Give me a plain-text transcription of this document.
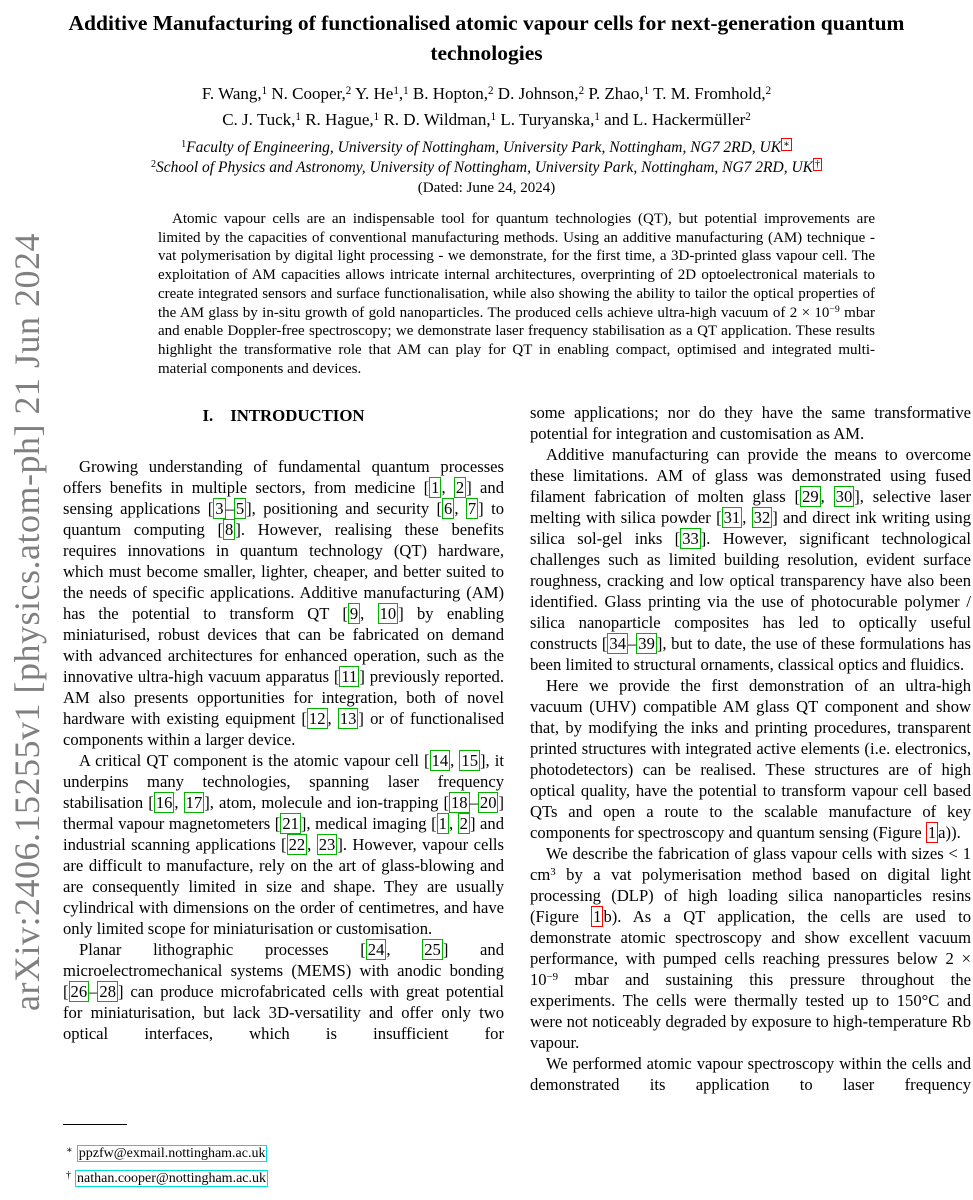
arXiv:2406.15255v1 [physics.atom-ph] 21 Jun 2024
Additive Manufacturing of functionalised atomic vapour cells for next-generation quantum technologies
F. Wang,$^1$ N. Cooper,$^2$ Y. He$^1$,$^1$ B. Hopton,$^2$ D. Johnson,$^2$ P. Zhao,$^1$ T. M. Fromhold,$^2$
C. J. Tuck,$^1$ R. Hague,$^1$ R. D. Wildman,$^1$ L. Turyanska,$^1$ and L. Hackermüller$^2$
$^1$Faculty of Engineering, University of Nottingham, University Park, Nottingham, NG7 2RD, UK ∗
$^2$School of Physics and Astronomy, University of Nottingham, University Park, Nottingham, NG7 2RD, UK †
(Dated: June 24, 2024)
Atomic vapour cells are an indispensable tool for quantum technologies (QT), but potential improvements are limited by the capacities of conventional manufacturing methods. Using an additive manufacturing (AM) technique - vat polymerisation by digital light processing - we demonstrate, for the first time, a 3D-printed glass vapour cell. The exploitation of AM capacities allows intricate internal architectures, overprinting of 2D optoelectronical materials to create integrated sensors and surface functionalisation, while also showing the ability to tailor the optical properties of the AM glass by in-situ growth of gold nanoparticles. The produced cells achieve ultra-high vacuum of $2 \times 10^{-9}$ mbar and enable Doppler-free spectroscopy; we demonstrate laser frequency stabilisation as a QT application. These results highlight the transformative role that AM can play for QT in enabling compact, optimised and integrated multi-material components and devices.
I. INTRODUCTION

Growing understanding of fundamental quantum processes offers benefits in multiple sectors, from medicine [ 1 , 2 ] and sensing applications [ 3 – 5 ], positioning and security [ 6 , 7 ] to quantum computing [ 8 ]. However, realising these benefits requires innovations in quantum technology (QT) hardware, which must become smaller, lighter, cheaper, and better suited to the needs of specific applications. Additive manufacturing (AM) has the potential to transform QT [ 9 , 10 ] by enabling miniaturised, robust devices that can be fabricated on demand with advanced architectures for enhanced operation, such as the innovative ultra-high vacuum apparatus [ 11 ] previously reported. AM also presents opportunities for integration, both of novel hardware with existing equipment [ 12 , 13 ] or of functionalised components within a larger device.

A critical QT component is the atomic vapour cell [ 14 , 15 ], it underpins many technologies, spanning laser frequency stabilisation [ 16 , 17 ], atom, molecule and ion-trapping [ 18 – 20 ] thermal vapour magnetometers [ 21 ], medical imaging [ 1 , 2 ] and industrial scanning applications [ 22 , 23 ]. However, vapour cells are difficult to manufacture, rely on the art of glass-blowing and are consequently limited in size and shape. They are usually cylindrical with dimensions on the order of centimetres, and have only limited scope for miniaturisation or customisation.

Planar lithographic processes [ 24 , 25 ] and microelectromechanical systems (MEMS) with anodic bonding [ 26 – 28 ] can produce microfabricated cells with great potential for miniaturisation, but lack 3D-versatility and offer only two optical interfaces, which is insufficient for

some applications; nor do they have the same transformative potential for integration and customisation as AM.

Additive manufacturing can provide the means to overcome these limitations. AM of glass was demonstrated using fused filament fabrication of molten glass [ 29 , 30 ], selective laser melting with silica powder [ 31 , 32 ] and direct ink writing using silica sol-gel inks [ 33 ]. However, significant technological challenges such as limited building resolution, evident surface roughness, cracking and low optical transparency have also been identified. Glass printing via the use of photocurable polymer / silica nanoparticle composites has led to optically useful constructs [ 34 – 39 ], but to date, the use of these formulations has been limited to structural ornaments, classical optics and fluidics.

Here we provide the first demonstration of an ultra-high vacuum (UHV) compatible AM glass QT component and show that, by modifying the inks and printing procedures, transparent printed structures with integrated active elements (i.e. electronics, photodetectors) can be realised. These structures are of high optical quality, have the potential to transform vapour cell based QTs and open a route to the scalable manufacture of key components for spectroscopy and quantum sensing (Figure 1 a)).

We describe the fabrication of glass vapour cells with sizes < 1 $cm^3$ by a vat polymerisation method based on digital light processing (DLP) of high loading silica nanoparticles resins (Figure 1 b). As a QT application, the cells are used to demonstrate atomic spectroscopy and show excellent vacuum performance, with pumped cells reaching pressures below $2 \times 10^{-9}$ mbar and sustaining this pressure throughout the experiments. The cells were thermally tested up to 150°C and were not noticeably degraded by exposure to high-temperature Rb vapour.

We performed atomic vapour spectroscopy within the cells and demonstrated its application to laser frequency

∗ ppzfw@exmail.nottingham.ac.uk
† nathan.cooper@nottingham.ac.uk
